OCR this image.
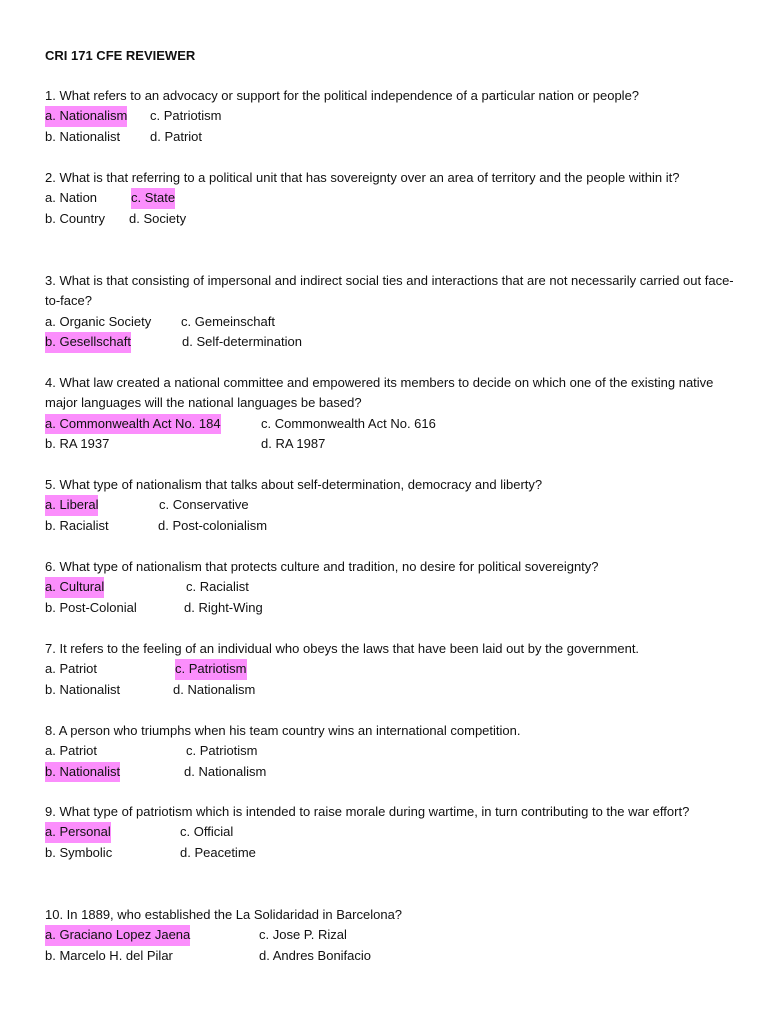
CRI 171 CFE REVIEWER

1. What refers to an advocacy or support for the political independence of a particular nation or people?

a. Nationalism c. Patriotism
b. Nationalist d. Patriot

2. What is that referring to a political unit that has sovereignty over an area of territory and the people within it?

a. Nation	c. State
b. Country d. Society

3. What is that consisting of impersonal and indirect social ties and interactions that are not necessarily carried out face-to-face?

a. Organic Society c. Gemeinschaft
b. Gesellschaft	d. Self-determination

4. What law created a national committee and empowered its members to decide on which one of the existing native major languages will the national languages be based?

a. Commonwealth Act No. 184	c. Commonwealth Act No. 616
b. RA 1937	d. RA 1987

5. What type of nationalism that talks about self-determination, democracy and liberty?

a. Liberal	c. Conservative
b. Racialist	d. Post-colonialism

6. What type of nationalism that protects culture and tradition, no desire for political sovereignty?

a. Cultural	c. Racialist
b. Post-Colonial	d. Right-Wing

7. It refers to the feeling of an individual who obeys the laws that have been laid out by the government.

a. Patriot	c. Patriotism
b. Nationalist	d. Nationalism

8. A person who triumphs when his team country wins an international competition.

a. Patriot	c. Patriotism
b. Nationalist	d. Nationalism

9. What type of patriotism which is intended to raise morale during wartime, in turn contributing to the war effort?

a. Personal	c. Official
b. Symbolic	d. Peacetime

10. In 1889, who established the La Solidaridad in Barcelona?

a. Graciano Lopez Jaena	c. Jose P. Rizal
b. Marcelo H. del Pilar	d. Andres Bonifacio
